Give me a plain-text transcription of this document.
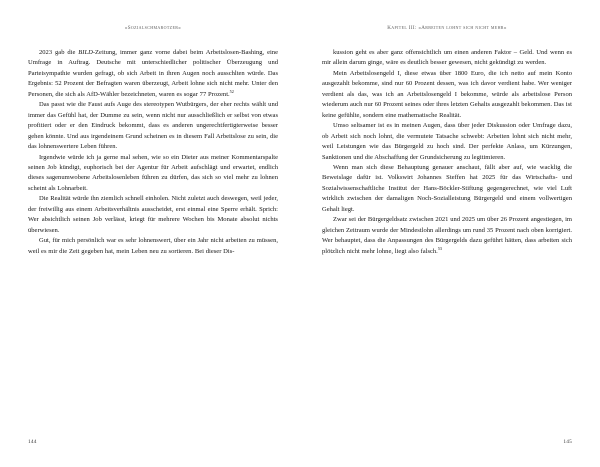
«Sozialschmarotzer»

2023 gab die BILD-Zeitung, immer ganz vorne dabei beim Arbeitslosen-Bashing, eine Umfrage in Auftrag. Deutsche mit unterschiedlicher politischer Überzeugung und Parteisympathie wurden gefragt, ob sich Arbeit in ihren Augen noch ausschlten würde. Das Ergebnis: 52 Prozent der Befragten waren überzeugt, Arbeit lohne sich nicht mehr. Unter den Personen, die sich als AfD-Wähler bezeichneten, waren es sogar 77 Prozent.$^{52}$

Das passt wie die Faust aufs Auge des stereotypen Wutbürgers, der eher rechts wählt und immer das Gefühl hat, der Dumme zu sein, wenn nicht nur ausschließlich er selbst von etwas profitiert oder er den Eindruck bekommt, dass es anderen ungerechtfertigterweise besser gehen könnte. Und aus irgendeinem Grund scheinen es in diesem Fall Arbeitslose zu sein, die das lohnenswertere Leben führen.

Irgendwie würde ich ja gerne mal sehen, wie so ein Dieter aus meiner Kommentarspalte seinen Job kündigt, euphorisch bei der Agentur für Arbeit aufschlägt und erwartet, endlich dieses sagenumwobene Arbeitslosenleben führen zu dürfen, das sich so viel mehr zu lohnen scheint als Lohnarbeit.

Die Realität würde ihn ziemlich schnell einholen. Nicht zuletzt auch deswegen, weil jeder, der freiwillig aus einem Arbeitsverhältnis ausscheidet, erst einmal eine Sperre erhält. Sprich: Wer absichtlich seinen Job verlässt, kriegt für mehrere Wochen bis Monate absolut nichts überwiesen.

Gut, für mich persönlich war es sehr lohnenswert, über ein Jahr nicht arbeiten zu müssen, weil es mir die Zeit gegeben hat, mein Leben neu zu sortieren. Bei dieser Dis-

144
Kapitel III: «Arbeiten lohnt sich nicht mehr»

kussion geht es aber ganz offensichtlich um einen anderen Faktor – Geld. Und wenn es mir allein darum ginge, wäre es deutlich besser gewesen, nicht gekündigt zu werden.

Mein Arbeitslosengeld I, diese etwas über 1800 Euro, die ich netto auf mein Konto ausgezahlt bekomme, sind nur 60 Prozent dessen, was ich davor verdient habe. Wer weniger verdient als das, was ich an Arbeitslosengeld I bekomme, würde als arbeitslose Person wiederum auch nur 60 Prozent seines oder ihres letzten Gehalts ausgezahlt bekommen. Das ist keine gefühlte, sondern eine mathematische Realität.

Umso seltsamer ist es in meinen Augen, dass über jeder Diskussion oder Umfrage dazu, ob Arbeit sich noch lohnt, die vermutete Tatsache schwebt: Arbeiten lohnt sich nicht mehr, weil Leistungen wie das Bürgergeld zu hoch sind. Der perfekte Anlass, um Kürzungen, Sanktionen und die Abschaffung der Grundsicherung zu legitimieren.

Wenn man sich diese Behauptung genauer anschaut, fällt aber auf, wie wacklig die Beweislage dafür ist. Volkswirt Johannes Steffen hat 2025 für das Wirtschafts- und Sozialwissenschaftliche Institut der Hans-Böckler-Stiftung gegengerechnet, wie viel Luft wirklich zwischen der damaligen Noch-Sozialleistung Bürgergeld und einem vollwertigen Gehalt liegt.

Zwar sei der Bürgergeldsatz zwischen 2021 und 2025 um über 26 Prozent angestiegen, im gleichen Zeitraum wurde der Mindestlohn allerdings um rund 35 Prozent nach oben korrigiert. Wer behauptet, dass die Anpassungen des Bürgergelds dazu geführt hätten, dass arbeiten sich plötzlich nicht mehr lohne, liegt also falsch.$^{53}$

145
